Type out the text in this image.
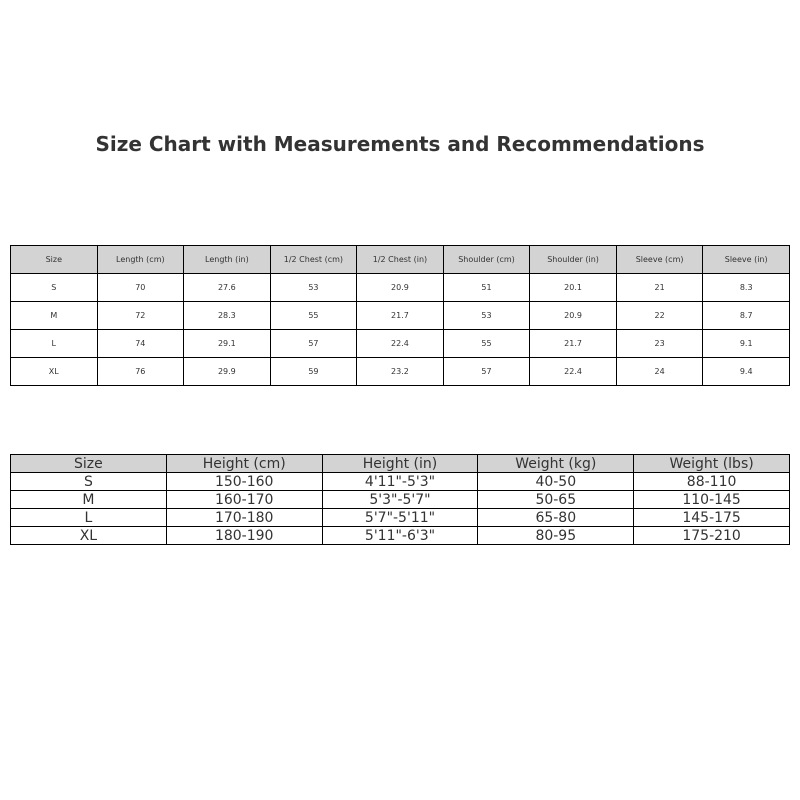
Size Chart with Measurements and Recommendations
Size	Length (cm)	Length (in)	1/2 Chest (cm)	1/2 Chest (in)	Shoulder (cm)	Shoulder (in)	Sleeve (cm)	Sleeve (in)
S	70	27.6	53	20.9	51	20.1	21	8.3
M	72	28.3	55	21.7	53	20.9	22	8.7
L	74	29.1	57	22.4	55	21.7	23	9.1
XL	76	29.9	59	23.2	57	22.4	24	9.4
Size	Height (cm)	Height (in)	Weight (kg)	Weight (lbs)
S	150-160	4'11"-5'3"	40-50	88-110
M	160-170	5'3"-5'7"	50-65	110-145
L	170-180	5'7"-5'11"	65-80	145-175
XL	180-190	5'11"-6'3"	80-95	175-210
